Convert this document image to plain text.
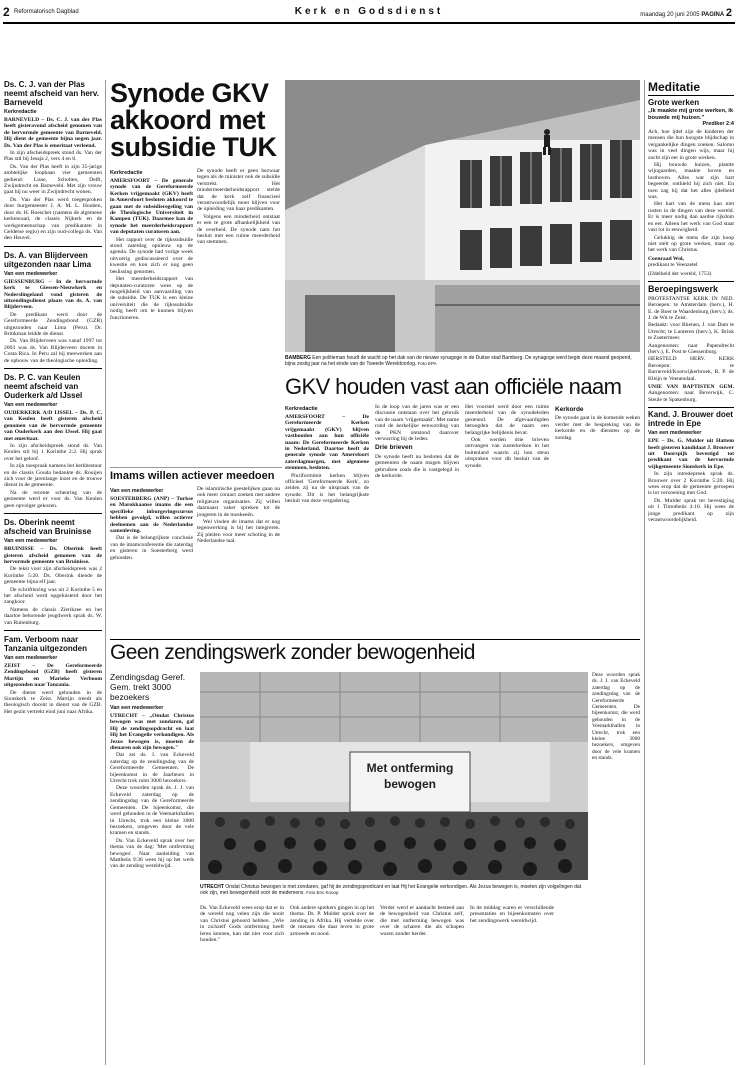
2 Reformatorisch Dagblad	Kerk en Godsdienst	maandag 20 juni 2005 PAGINA 2
Ds. C. J. van der Plas neemt afscheid van herv. Barneveld
Kerkredactie

BARNEVELD – Ds. C. J. van der Plas heeft gisteravond afscheid genomen van de hervormde gemeente van Barneveld. Hij dient de gemeente bijna negen jaar. Ds. Van der Plas is emeritaat verleend.

In zijn afscheidspreek stond ds. Van der Plas stil bij Jesaja 2, vers 4 en 8.

Ds. Van der Plas heeft in zijn 35-jarige ambtelijke loopbaan vier gemeenten gediend: Lisse, Scholten, Delft, Zwijndrecht en Barneveld. Met zijn vrouw gaat hij nu weer in Zwijndrecht wonen.

Ds. Van der Plas werd toegesproken door burgemeester J. A. M. L. Houben, door ds. H. Roescher (namens de algemene kerkenraad, de classis Nijkerk en de werkgemeenschap van predikanten in Gelderse regio) en zijn oud-collega ds. Van den Heuvel.

Ds. A. van Blijderveen uitgezonden naar Lima
Van een medewerker

GIESSENBURG – In de hervormde kerk te Giessen-Nieuwkerk en Nederslingeland vond gisteren de uitzendingsdienst plaats van ds. A. van Blijderveen.

De predikant werd door de Gereformeerde Zendingsbond (GZB) uitgezonden naar Lima (Peru). Dr. Brinkman leidde de dienst.

Ds. Van Blijderveen was vanaf 1997 tot 2003 was ds. Van Blijderveen docent in Costa Rica. In Peru zal hij meewerken aan de opbouw van de theologische opleiding.

Ds. P. C. van Keulen neemt afscheid van Ouderkerk a/d IJssel
Van een medewerker

OUDERKERK A/D IJSSEL – Ds. P. C. van Keulen heeft gisteren afscheid genomen van de hervormde gemeente van Ouderkerk aan den IJssel. Hij gaat met emeritaat.

In zijn afscheidspreek stond ds. Van Keulen stil bij 1 Korinthe 2:2. Hij sprak over het geloof.

In zijn toespraak namens het kerkbestuur en de classis Gouda bedankte ds. Rooijen zich voor de jarenlange inzet en de trouwe dienst in de gemeente.

Na de recente scheuring van de gemeente werd er voor ds. Van Keulen geen opvolger gekozen.

Ds. Oberink neemt afscheid van Bruinisse
Van een medewerker

BRUINISSE – Ds. Oberink heeft gisteren afscheid genomen van de hervormde gemeente van Bruinisse.

De tekst voor zijn afscheidspreek was 2 Korinthe 5:20. Ds. Oberink diende de gemeente bijna elf jaar.

De schriftlezing was uit 2 Korinthe 5 en het afscheid werd opgeluisterd door het zangkoor.

Namens de classis Zierikzee en het daartoe behorende jeugdwerk sprak ds. W. van Ruitenburg.

Fam. Verboom naar Tanzania uitgezonden
Van een medewerker

ZEIST – De Gereformeerde Zendingsbond (GZB) heeft gisteren Martijn en Marieke Verboom uitgezonden naar Tanzania.

De dienst werd gehouden in de Sionskerk te Zeist. Martijn treedt als theologisch docent in dienst van de GZB. Het gezin vertrekt eind juni naar Afrika.

Synode GKV akkoord met subsidie TUK
Kerkredactie

AMERSFOORT – De generale synode van de Gereformeerde Kerken vrijgemaakt (GKV) heeft in Amersfoort besloten akkoord te gaan met de subsidieregeling van de Theologische Universiteit in Kampen (TUK). Daarmee kan de synode het meerderheidsrapport van deputaten curatoren aan.

Het rapport over de rijkssubsidie stond zaterdag opnieuw op de agenda. De synode had vorige week uitvoerig gediscussieerd over de kwestie en kon zich er nog geen beslissing genomen.

Het meerderheidsrapport van deputaten-curatoren wees op de mogelijkheid van aanvaarding van de subsidie. De TUK is een kleine universiteit die de rijkssubsidie nodig heeft om te kunnen blijven functioneren.

De synode heeft er geen bezwaar tegen als de minister ook de subsidie verstrekt. Het mindermeerderheidsrapport stelde dat de kerk zelf financieel verantwoordelijk moet blijven voor de opleiding van haar predikanten.

Volgens een minderheid ontstaat er een te grote afhankelijkheid van de overheid. De synode nam het besluit met een ruime meerderheid van stemmen.

BAMBERG Een politieman houdt de wacht op het dak van de nieuwe synagoge in de Duitse stad Bamberg. De synagoge werd begin deze maand geopend, bijna zestig jaar na het einde van de Tweede Wereldoorlog. Foto EPA
GKV houden vast aan officiële naam
Kerkredactie

AMERSFOORT – De Gereformeerde Kerken vrijgemaakt (GKV) blijven vasthouden aan hun officiële naam: De Gereformeerde Kerken in Nederland. Daartoe heeft de generale synode van Amersfoort zaterdagmorgen, met algemene stemmen, besloten.

Pluriformiteit kerken blijven officieel 'Gereformeerde Kerk', zo zeiden zij na de uitspraak van de synode. Dit is het belangrijkste besluit van deze vergadering.

In de loop van de jaren was er een discussie ontstaan over het gebruik van de naam 'vrijgemaakt'. Met name rond de kerkelijke eenwording van de PKN ontstond daarover verwarring bij de leden.

Drie brieven

De synode heeft nu besloten dat de gemeenten de naam mogen blijven gebruiken zoals die is vastgelegd in de kerkorde.

Het voorstel werd door een ruime meerderheid van de synodeleden gesteund. De afgevaardigden betoogden dat de naam een belangrijke belijdenis bevat.

Ook werden drie brieven ontvangen van zusterkerken in het buitenland waarin zij hun steun uitspraken voor dit besluit van de synode.

Kerkorde

De synode gaat in de komende weken verder met de bespreking van de kerkorde en de diensten op de zondag.

Imams willen actiever meedoen
Van een medewerker

SOESTERBERG (ANP) – Turkse en Marokkaanse imams die een specifieke inburgeringscursus hebben gevolgd, willen actiever deelnemen aan de Nederlandse samenleving.

Dat is de belangrijkste conclusie van de imamconferentie die zaterdag en gisteren in Soesterberg werd gehouden.

De islamitische geestelijken gaan nu ook meer contact zoeken met andere religieuze organisaties. Zij willen daarnaast vaker spreken tot de jongeren in de moskeeën.

Wel vinden de imams dat er nog tegenwerking is bij het integreren. Zij pleiten voor meer scholing in de Nederlandse taal.

Geen zendingswerk zonder bewogenheid
Zendingsdag Geref. Gem. trekt 3000 bezoekers
Van een medewerker

UTRECHT – „Omdat Christus bewogen was met zondaren, gaf Hij de zendingsopdracht en laat Hij het Evangelie verkondigen. Als Jezus bewogen is, moeten de dienaren ook zijn bewogen."

Dat zei ds. J. van Eckeveld zaterdag op de zendingsdag van de Gereformeerde Gemeenten. De bijeenkomst in de Jaarbeurs in Utrecht trok ruim 3000 bezoekers.

Deze woorden sprak ds. J. J. van Eckeveld zaterdag op de zendingsdag van de Gereformeerde Gemeenten. De bijeenkomst, die werd gehouden in de Veemarkthallen in Utrecht, trok een kleine 3000 bezoekers, omgeven door de vele kramen en stands.

Ds. Van Eckeveld sprak over het thema van de dag: 'Met ontferming bewogen'. Naar aanleiding van Mattheüs 9:36 wees hij op het werk van de zending wereldwijd.

Met ontferming
bewogen
UTRECHT Onslat Christus bewogen is met zondaren, gaf hij de zendingspredicant en laat Hij het Evangelie verkondigen. Als Jezus bewogen is, moeten zijn volgelingen dat ook zijn, met bewogenheid voor de medemens. Foto Eric Knoop

Ds. Van Eckeveld wees erop dat er in de wereld nog velen zijn die nooit van Christus gehoord hebben. „Wie in zichzelf Gods ontferming heeft leren kennen, kan dat niet voor zich houden."

Ook andere sprekers gingen in op het thema. Ds. P. Mulder sprak over de zending in Afrika. Hij vertelde over de mensen die daar leven in grote armoede en nood.

Verder werd er aandacht besteed aan de bewogenheid van Christus zelf, die met ontferming bewogen was over de scharen die als schapen waren zonder herder.

In de middag waren er verschillende presentaties en bijeenkomsten over het zendingswerk wereldwijd.

Deze woorden sprak ds. J. J. van Eckeveld zaterdag op de zendingsdag van de Gereformeerde Gemeenten. De bijeenkomst, die werd gehouden in de Veemarkthallen in Utrecht, trok een kleine 3000 bezoekers, omgeven door de vele kramen en stands.

Meditatie
Grote werken
„Ik maakte mij grote werken, ik bouwde mij huizen."
Prediker 2:4

Ach, hoe ijdel zijn de kinderen der mensen die hun hoogste blijdschap in vergankelijke dingen zoeken. Salomo was in veel dingen wijs, maar hij zocht zijn eer in grote werken.

Hij bouwde huizen, plantte wijngaarden, maakte hoven en lusthoven. Alles wat zijn hart begeerde, onthield hij zich niet. En toen zag hij dat het alles ijdelheid was.

Het hart van de mens kan niet rusten in de dingen van deze wereld. Er is meer nodig dan aardse rijkdom en eer. Alleen het werk van God staat vast tot in eeuwigheid.

Gelukkig de mens die zijn hoop niet stelt op grote werken, maar op het werk van Christus.

Coenraad Wol,
predikant te Veenzetel
(IJdelheid der wereld, 1753)
Beroepingswerk

PROTESTANTSE KERK IN NED. Beroepen: te Amsterdam (herv.), H. E. de Boer te Waardenburg (herv.); ds. J. de Wit te Zeist.

Bedankt: voor Rhenen, J. van Dam te Utrecht; te Lunteren (herv.), K. Brink te Zoetermeer.

Aangenomen: naar Papendrecht (herv.), E. Post te Giessenburg.

HERSTELD HERV. KERK Beroepen: te Barneveld/Kootwijkerbroek, R. P. de Kleijn te Veenendaal.

UNIE VAN BAPTISTEN GEM. Aangenomen: naar Beverwijk, C. Steule te Spakenburg.

Kand. J. Brouwer doet intrede in Epe
Van een medewerker

EPE – Ds. G. Mulder uit Hattem heeft gisteren kandidaat J. Brouwer uit Doorspijk bevestigd tot predikant van de hervormde wijkgemeente Sionskerk in Epe.

In zijn intredepreek sprak ds. Brouwer over 2 Korinthe 5:20. Hij wees erop dat de gemeente geroepen is tot verzoening met God.

Ds. Mulder sprak ter bevestiging uit 1 Timotheüs 4:16. Hij wees de jonge predikant op zijn verantwoordelijkheid.
